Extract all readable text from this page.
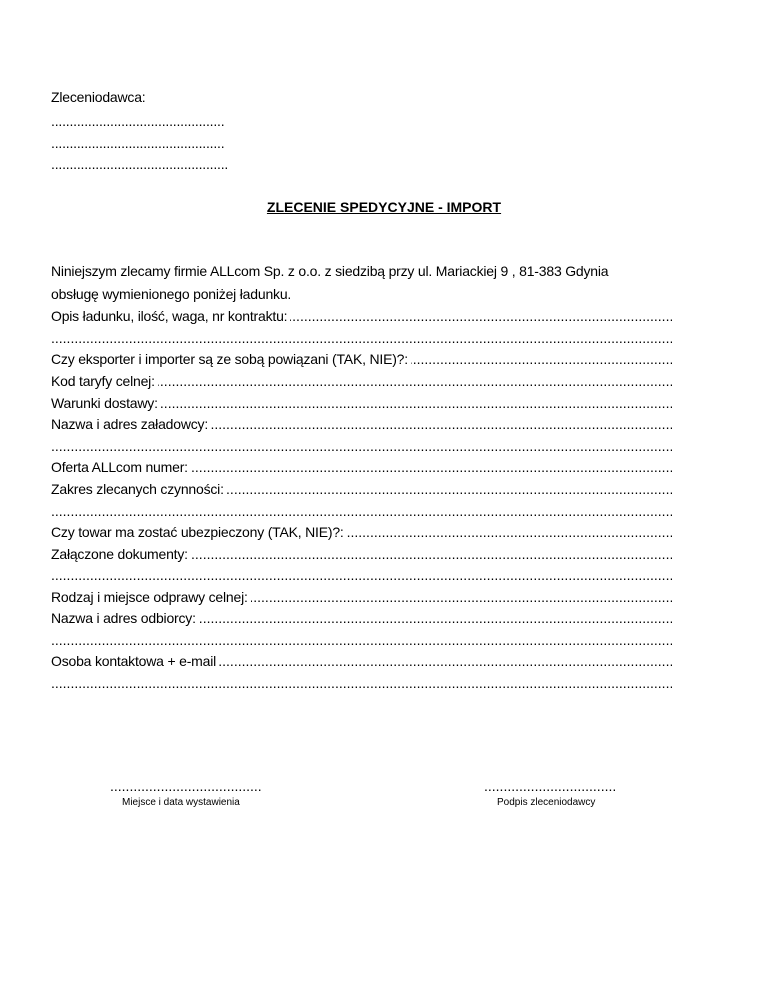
Zleceniodawca:
...............................................
...............................................
................................................
ZLECENIE SPEDYCYJNE - IMPORT
Niniejszym zlecamy firmie ALLcom Sp. z o.o. z siedzibą przy ul. Mariackiej 9 , 81-383 Gdynia
obsługę wymienionego poniżej ładunku.
Opis ładunku, ilość, waga, nr kontraktu: .....
.....
Czy eksporter i importer są ze sobą powiązani (TAK, NIE)?: .....
Kod taryfy celnej: .....
Warunki dostawy: .....
Nazwa i adres załadowcy: .....
.....
Oferta ALLcom numer: .....
Zakres zlecanych czynności: .....
.....
Czy towar ma zostać ubezpieczony (TAK, NIE)?: .....
Załączone dokumenty: .....
.....
Rodzaj i miejsce odprawy celnej: .....
Nazwa i adres odbiorcy: .....
.....
Osoba kontaktowa + e-mail .....
.....
.......................................
Miejsce i data wystawienia
..................................
Podpis zleceniodawcy
